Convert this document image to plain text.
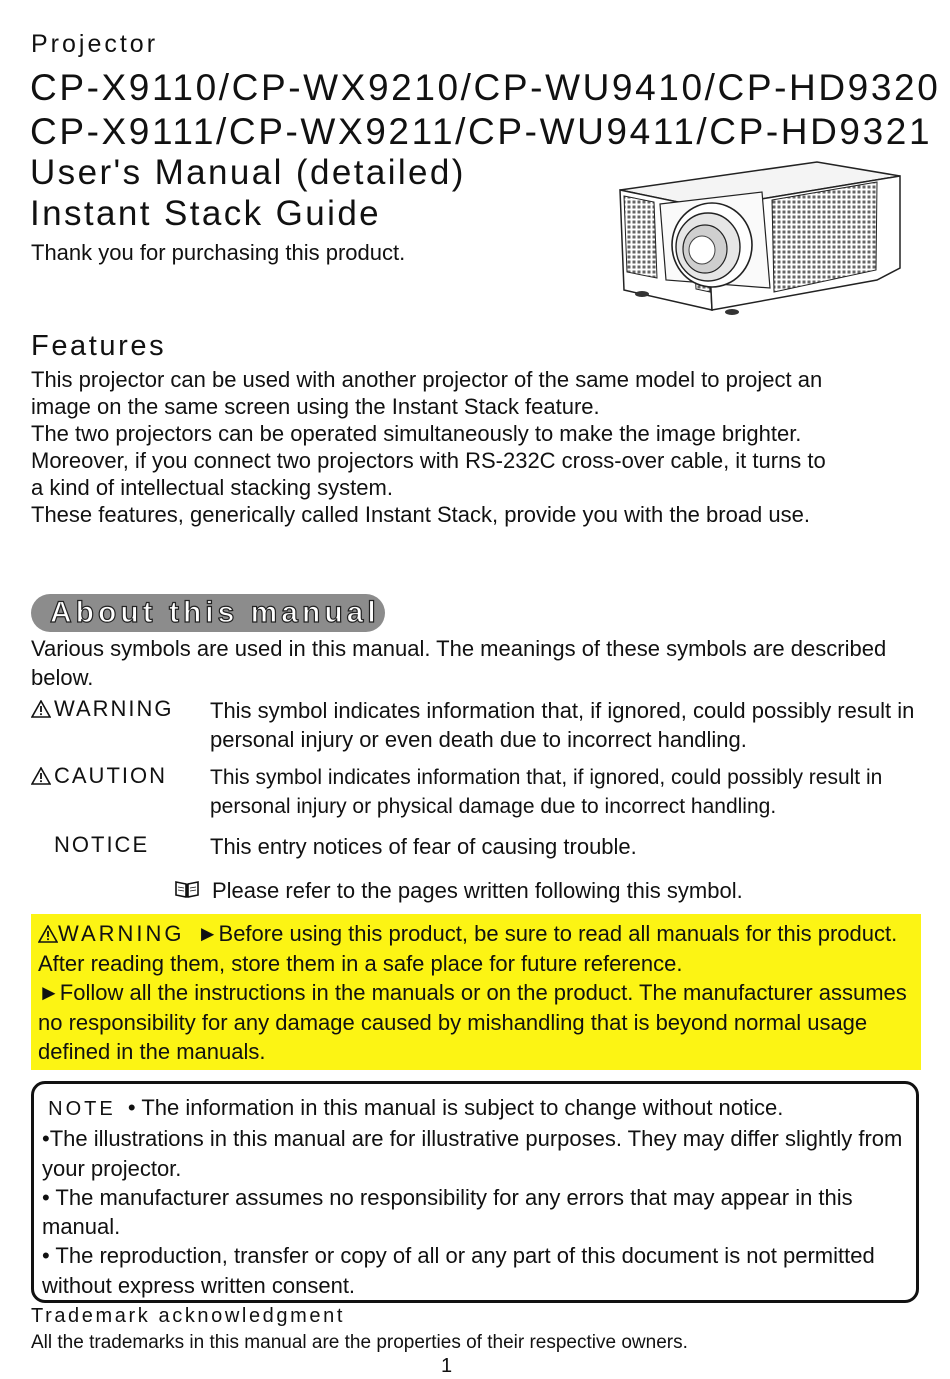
Projector
CP-X9110/CP-WX9210/CP-WU9410/CP-HD9320
CP-X9111/CP-WX9211/CP-WU9411/CP-HD9321
User's Manual (detailed)
Instant Stack Guide
Thank you for purchasing this product.
Features

This projector can be used with another projector of the same model to project an

image on the same screen using the Instant Stack feature.

The two projectors can be operated simultaneously to make the image brighter.

Moreover, if you connect two projectors with RS-232C cross-over cable, it turns to

a kind of intellectual stacking system.

These features, generically called Instant Stack, provide you with the broad use.

About this manual
Various symbols are used in this manual. The meanings of these symbols are described below.
WARNING This symbol indicates information that, if ignored, could possibly result in personal injury or even death due to incorrect handling.
CAUTION This symbol indicates information that, if ignored, could possibly result in personal injury or physical damage due to incorrect handling.
NOTICE	This entry notices of fear of causing trouble.
Please refer to the pages written following this symbol.

WARNING ►Before using this product, be sure to read all manuals for this product. After reading them, store them in a safe place for future reference.

►Follow all the instructions in the manuals or on the product. The manufacturer assumes no responsibility for any damage caused by mishandling that is beyond normal usage defined in the manuals.

NOTE • The information in this manual is subject to change without notice.

•The illustrations in this manual are for illustrative purposes. They may differ slightly from your projector.

• The manufacturer assumes no responsibility for any errors that may appear in this manual.

• The reproduction, transfer or copy of all or any part of this document is not permitted without express written consent.

Trademark acknowledgment
All the trademarks in this manual are the properties of their respective owners.
1
